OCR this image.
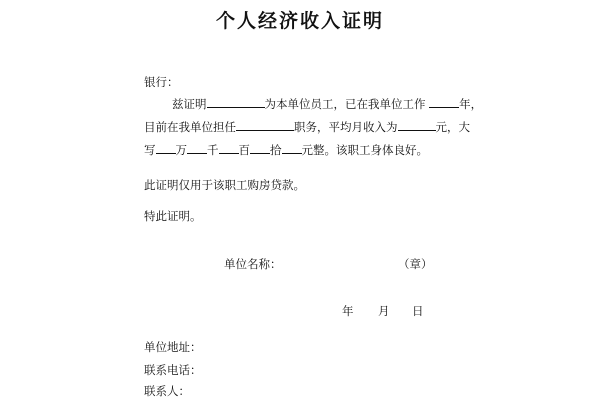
个人经济收入证明
银行：
兹证明	为本单位员工，已在我单位工作	年，
目前在我单位担任	职务，平均月收入为	元，大
写 万 千 百 拾 元整。该职工身体良好。
此证明仅用于该职工购房贷款。
特此证明。
单位名称：	（章）
年 月 日
单位地址：
联系电话：
联系人：
